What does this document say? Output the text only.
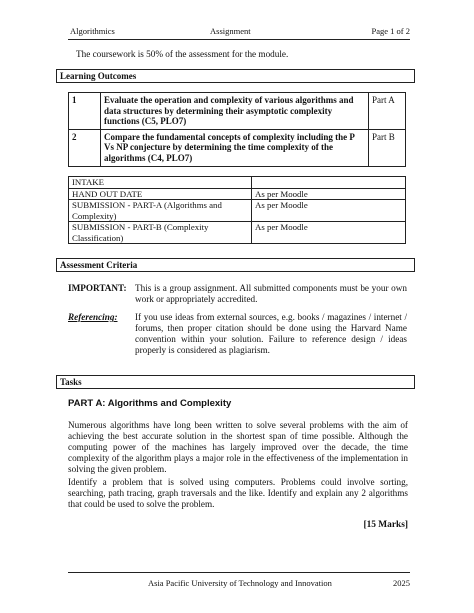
Algorithmics	Assignment	Page 1 of 2
The coursework is 50% of the assessment for the module.
Learning Outcomes
1	Evaluate the operation and complexity of various algorithms and data structures by determining their asymptotic complexity functions (C5, PLO7)	Part A
2	Compare the fundamental concepts of complexity including the P Vs NP conjecture by determining the time complexity of the algorithms (C4, PLO7)	Part B
INTAKE	
HAND OUT DATE	As per Moodle
SUBMISSION - PART-A (Algorithms and Complexity)	As per Moodle
SUBMISSION - PART-B (Complexity Classification)	As per Moodle
Assessment Criteria
IMPORTANT: This is a group assignment. All submitted components must be your own work or appropriately accredited.
Referencing: If you use ideas from external sources, e.g. books / magazines / internet / forums, then proper citation should be done using the Harvard Name convention within your solution. Failure to reference design / ideas properly is considered as plagiarism.
Tasks
PART A: Algorithms and Complexity
Numerous algorithms have long been written to solve several problems with the aim of achieving the best accurate solution in the shortest span of time possible. Although the computing power of the machines has largely improved over the decade, the time complexity of the algorithm plays a major role in the effectiveness of the implementation in solving the given problem.
Identify a problem that is solved using computers. Problems could involve sorting, searching, path tracing, graph traversals and the like. Identify and explain any 2 algorithms that could be used to solve the problem.
[15 Marks]
Asia Pacific University of Technology and Innovation	2025
